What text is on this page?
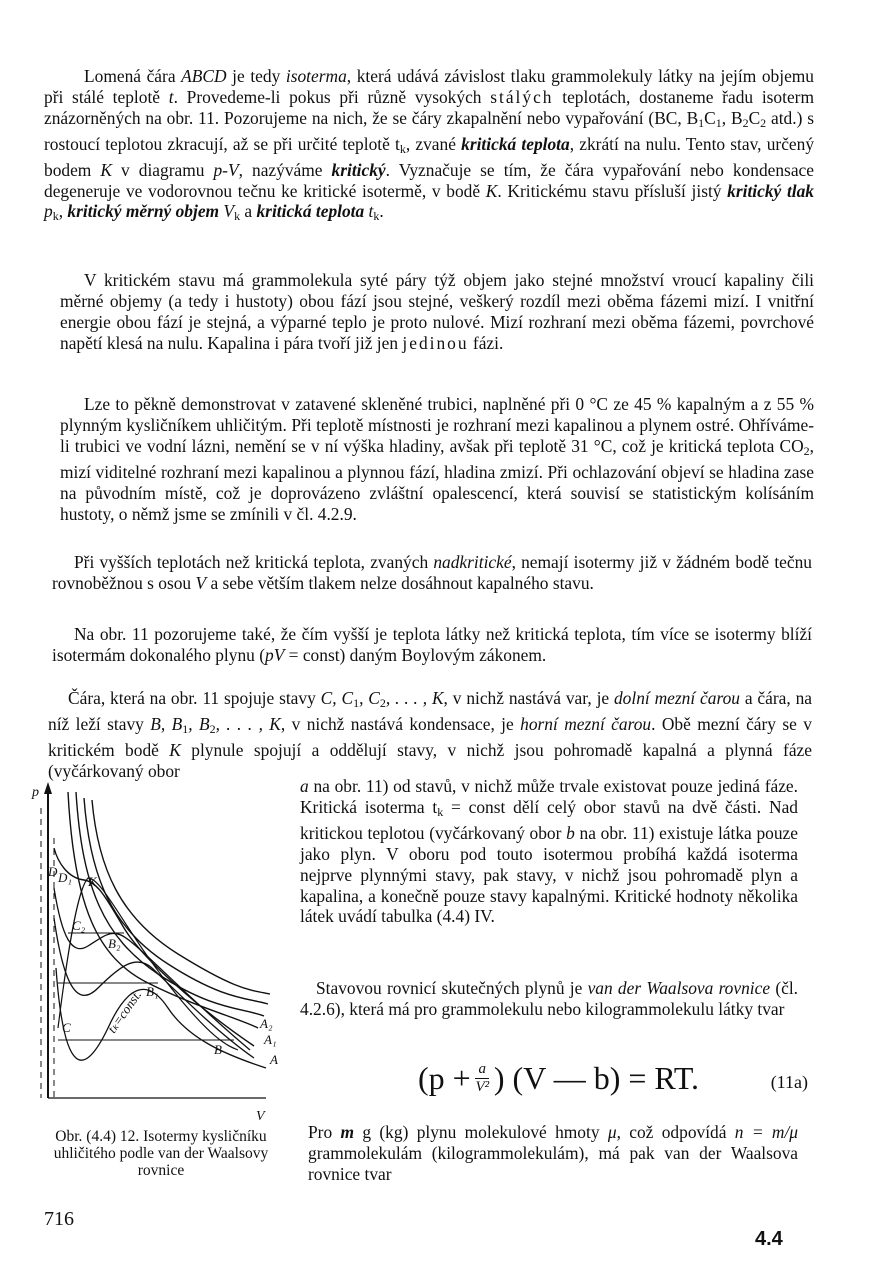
Lomená čára ABCD je tedy isoterma, která udává závislost tlaku grammolekuly látky na jejím objemu při stálé teplotě t. Provedeme-li pokus při různě vysokých stálých teplotách, dostaneme řadu isoterm znázorněných na obr. 11. Pozorujeme na nich, že se čáry zkapalnění nebo vypařování (BC, $B_1C_1$, $B_2C_2$ atd.) s rostoucí teplotou zkracují, až se při určité teplotě $t_k$, zvané kritická teplota, zkrátí na nulu. Tento stav, určený bodem K v diagramu p-V, nazýváme kritický. Vyznačuje se tím, že čára vypařování nebo kondensace degeneruje ve vodorovnou tečnu ke kritické isotermě, v bodě K. Kritickému stavu přísluší jistý kritický tlak $p_k$, kritický měrný objem $V_k$ a kritická teplota $t_k$.

V kritickém stavu má grammolekula syté páry týž objem jako stejné množství vroucí kapaliny čili měrné objemy (a tedy i hustoty) obou fází jsou stejné, veškerý rozdíl mezi oběma fázemi mizí. I vnitřní energie obou fází je stejná, a výparné teplo je proto nulové. Mizí rozhraní mezi oběma fázemi, povrchové napětí klesá na nulu. Kapalina i pára tvoří již jen jedinou fázi.

Lze to pěkně demonstrovat v zatavené skleněné trubici, naplněné při 0 °C ze 45 % kapalným a z 55 % plynným kysličníkem uhličitým. Při teplotě místnosti je rozhraní mezi kapalinou a plynem ostré. Ohříváme-li trubici ve vodní lázni, nemění se v ní výška hladiny, avšak při teplotě 31 °C, což je kritická teplota $CO_2$, mizí viditelné rozhraní mezi kapalinou a plynnou fází, hladina zmizí. Při ochlazování objeví se hladina zase na původním místě, což je doprovázeno zvláštní opalescencí, která souvisí se statistickým kolísáním hustoty, o němž jsme se zmínili v čl. 4.2.9.

Při vyšších teplotách než kritická teplota, zvaných nadkritické, nemají isotermy již v žádném bodě tečnu rovnoběžnou s osou V a sebe větším tlakem nelze dosáhnout kapalného stavu.

Na obr. 11 pozorujeme také, že čím vyšší je teplota látky než kritická teplota, tím více se isotermy blíží isotermám dokonalého plynu (pV = const) daným Boylovým zákonem.

Čára, která na obr. 11 spojuje stavy C, $C_1$, $C_2$, . . . , K, v nichž nastává var, je dolní mezní čarou a čára, na níž leží stavy B, $B_1$, $B_2$, . . . , K, v nichž nastává kondensace, je horní mezní čarou. Obě mezní čáry se v kritickém bodě K plynule spojují a oddělují stavy, v nichž jsou pohromadě kapalná a plynná fáze (vyčárkovaný obor

a na obr. 11) od stavů, v nichž může trvale existovat pouze jediná fáze. Kritická isoterma $t_k$ = const dělí celý obor stavů na dvě části. Nad kritickou teplotou (vyčárkovaný obor b na obr. 11) existuje látka pouze jako plyn. V oboru pod touto isotermou probíhá každá isoterma nejprve plynnými stavy, pak stavy, v nichž jsou pohromadě plyn a kapalina, a konečně pouze stavy kapalnými. Kritické hodnoty několika látek uvádí tabulka (4.4) IV.

Stavovou rovnicí skutečných plynů je van der Waalsova rovnice (čl. 4.2.6), která má pro grammolekulu nebo kilogrammolekulu látky tvar

($p + \frac{a}{\text{V²}}$ ) (V — b) = RT.	(11a)

Pro m g (kg) plynu molekulové hmoty μ, což odpovídá n = m/μ grammolekulám (kilogrammolekulám), má pak van der Waalsova rovnice tvar

p
V
D D₁ K
C₂
B₂
B₁
tₖ=const.
C
B
A₂
A₁
A
Obr. (4.4) 12. Isotermy kysličníku uhličitého podle van der Waalsovy rovnice
716
4.4
